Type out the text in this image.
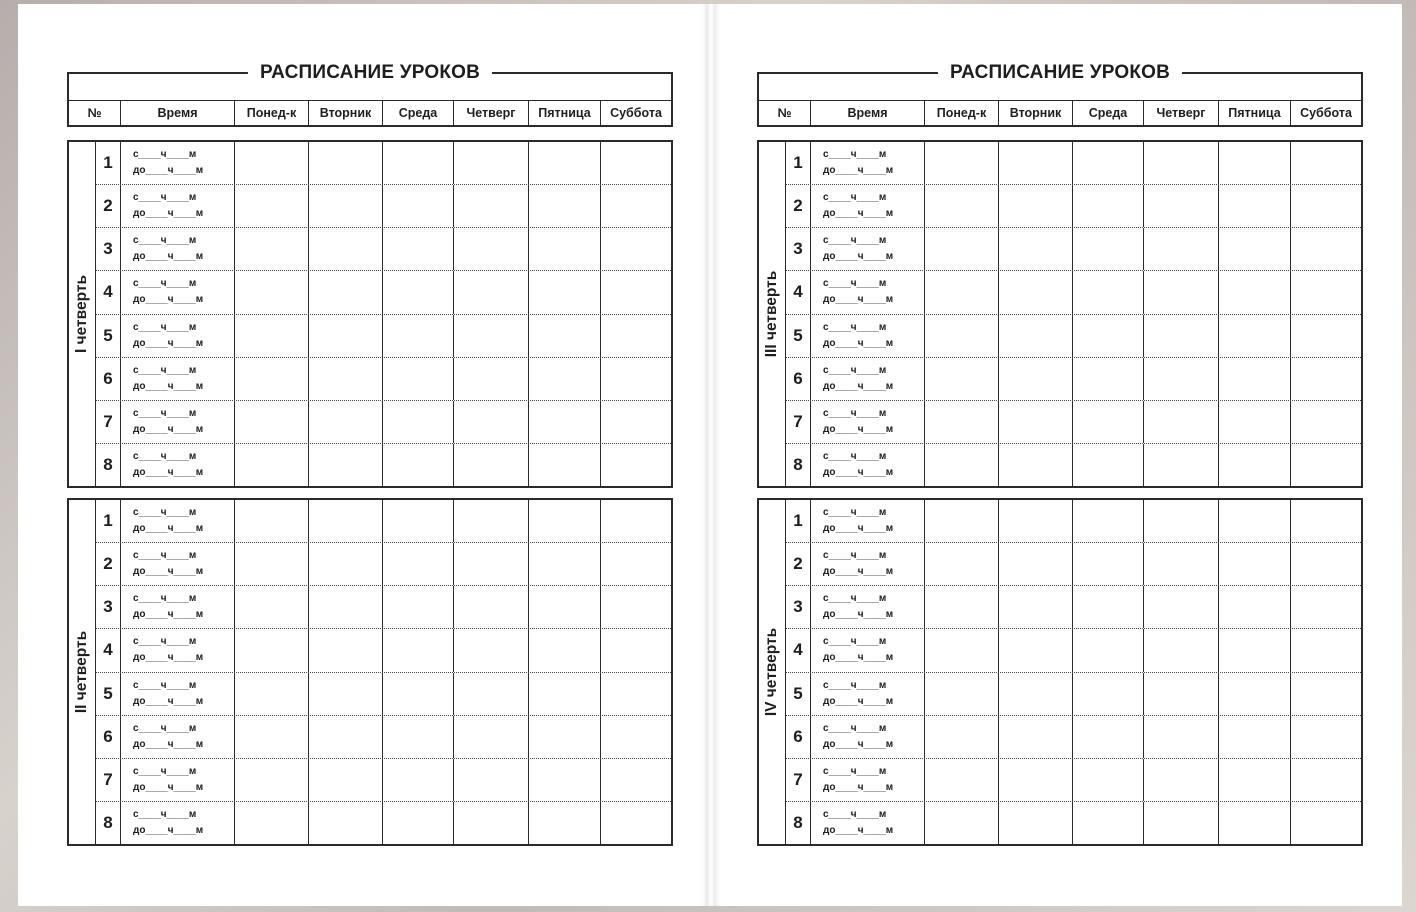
РАСПИСАНИЕ УРОКОВ
№	Время	Понед-к	Вторник	Среда	Четверг	Пятница	Суббота
I четверть
1	с____ч____м
до____ч____м
2	с____ч____м
до____ч____м
3	с____ч____м
до____ч____м
4	с____ч____м
до____ч____м
5	с____ч____м
до____ч____м
6	с____ч____м
до____ч____м
7	с____ч____м
до____ч____м
8	с____ч____м
до____ч____м
II четверть
1	с____ч____м
до____ч____м
2	с____ч____м
до____ч____м
3	с____ч____м
до____ч____м
4	с____ч____м
до____ч____м
5	с____ч____м
до____ч____м
6	с____ч____м
до____ч____м
7	с____ч____м
до____ч____м
8	с____ч____м
до____ч____м
РАСПИСАНИЕ УРОКОВ
№	Время	Понед-к	Вторник	Среда	Четверг	Пятница	Суббота
III четверть
1	с____ч____м
до____ч____м
2	с____ч____м
до____ч____м
3	с____ч____м
до____ч____м
4	с____ч____м
до____ч____м
5	с____ч____м
до____ч____м
6	с____ч____м
до____ч____м
7	с____ч____м
до____ч____м
8	с____ч____м
до____ч____м
IV четверть
1	с____ч____м
до____ч____м
2	с____ч____м
до____ч____м
3	с____ч____м
до____ч____м
4	с____ч____м
до____ч____м
5	с____ч____м
до____ч____м
6	с____ч____м
до____ч____м
7	с____ч____м
до____ч____м
8	с____ч____м
до____ч____м
